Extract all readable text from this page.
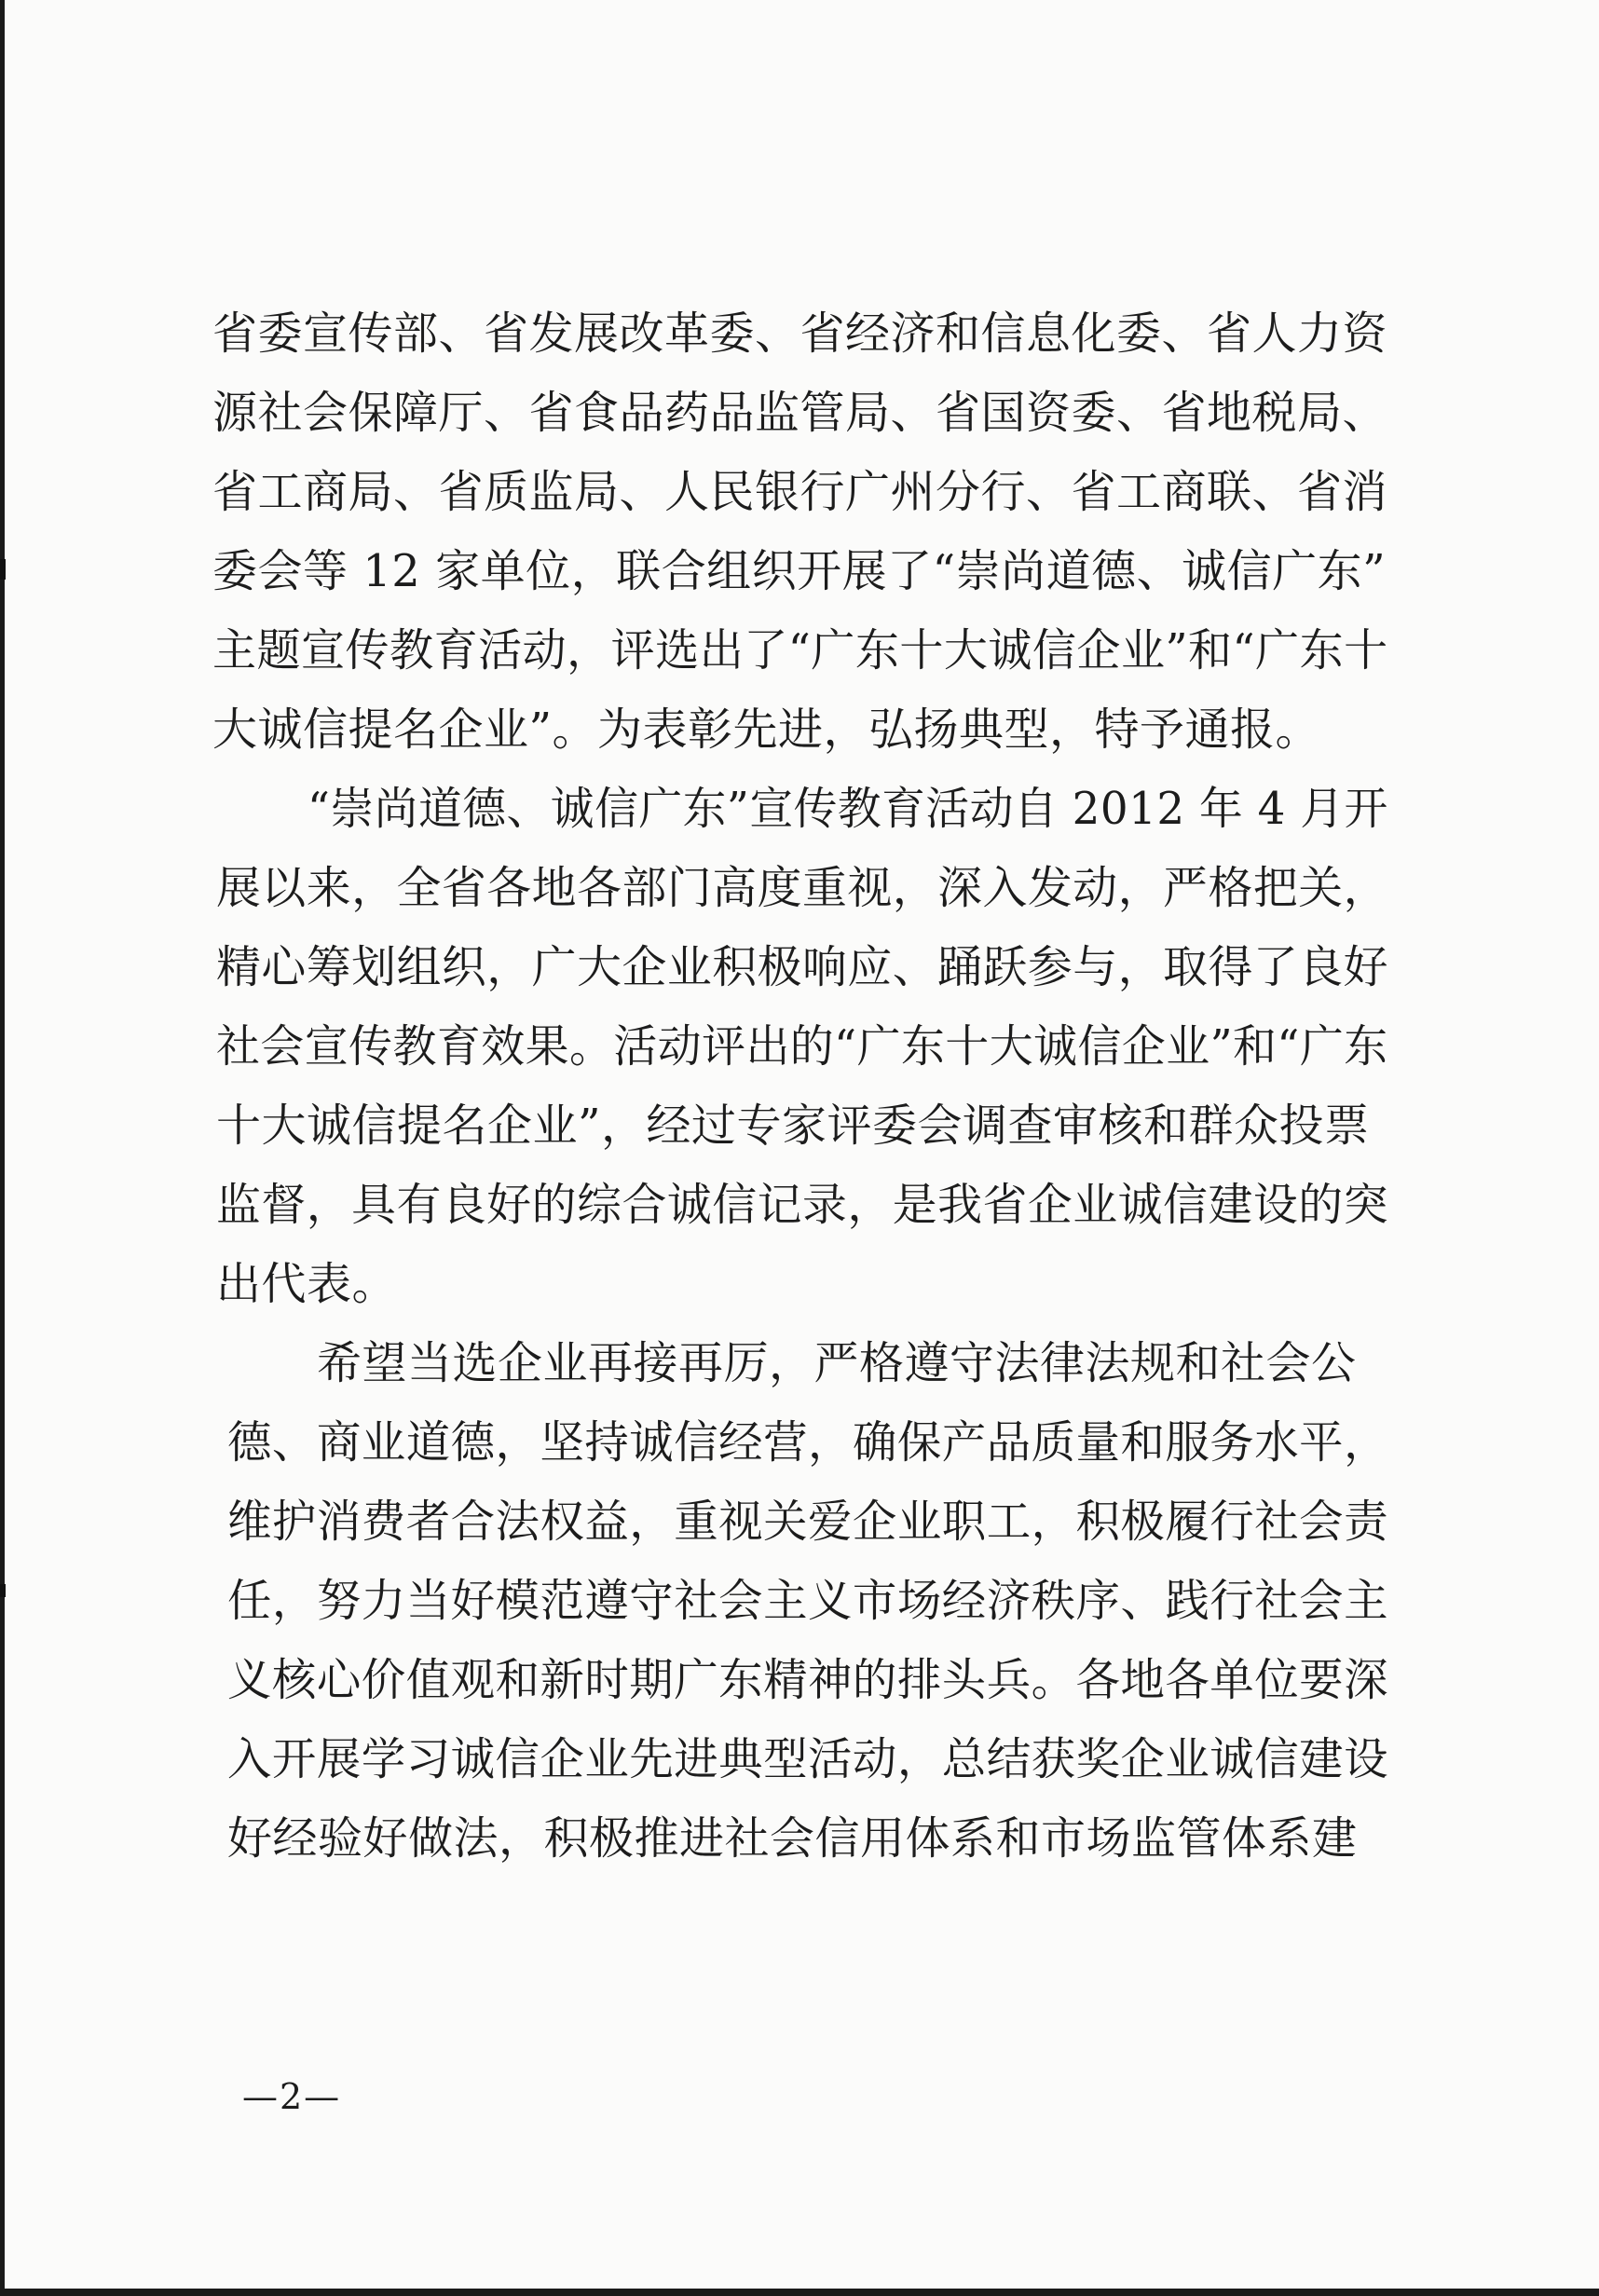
省委宣传部、省发展改革委、省经济和信息化委、省人力资
源社会保障厅、省食品药品监管局、省国资委、省地税局、
省工商局、省质监局、人民银行广州分行、省工商联、省消
委会等 12 家单位，联合组织开展了“崇尚道德、诚信广东”
主题宣传教育活动，评选出了“广东十大诚信企业”和“广东十
大诚信提名企业”。为表彰先进，弘扬典型，特予通报。
“崇尚道德、诚信广东”宣传教育活动自 2012 年 4 月开
展以来，全省各地各部门高度重视，深入发动，严格把关，
精心筹划组织，广大企业积极响应、踊跃参与，取得了良好
社会宣传教育效果。活动评出的“广东十大诚信企业”和“广东
十大诚信提名企业”，经过专家评委会调查审核和群众投票
监督，具有良好的综合诚信记录，是我省企业诚信建设的突
出代表。
希望当选企业再接再厉，严格遵守法律法规和社会公
德、商业道德，坚持诚信经营，确保产品质量和服务水平，
维护消费者合法权益，重视关爱企业职工，积极履行社会责
任，努力当好模范遵守社会主义市场经济秩序、践行社会主
义核心价值观和新时期广东精神的排头兵。各地各单位要深
入开展学习诚信企业先进典型活动，总结获奖企业诚信建设
好经验好做法，积极推进社会信用体系和市场监管体系建
—2—
